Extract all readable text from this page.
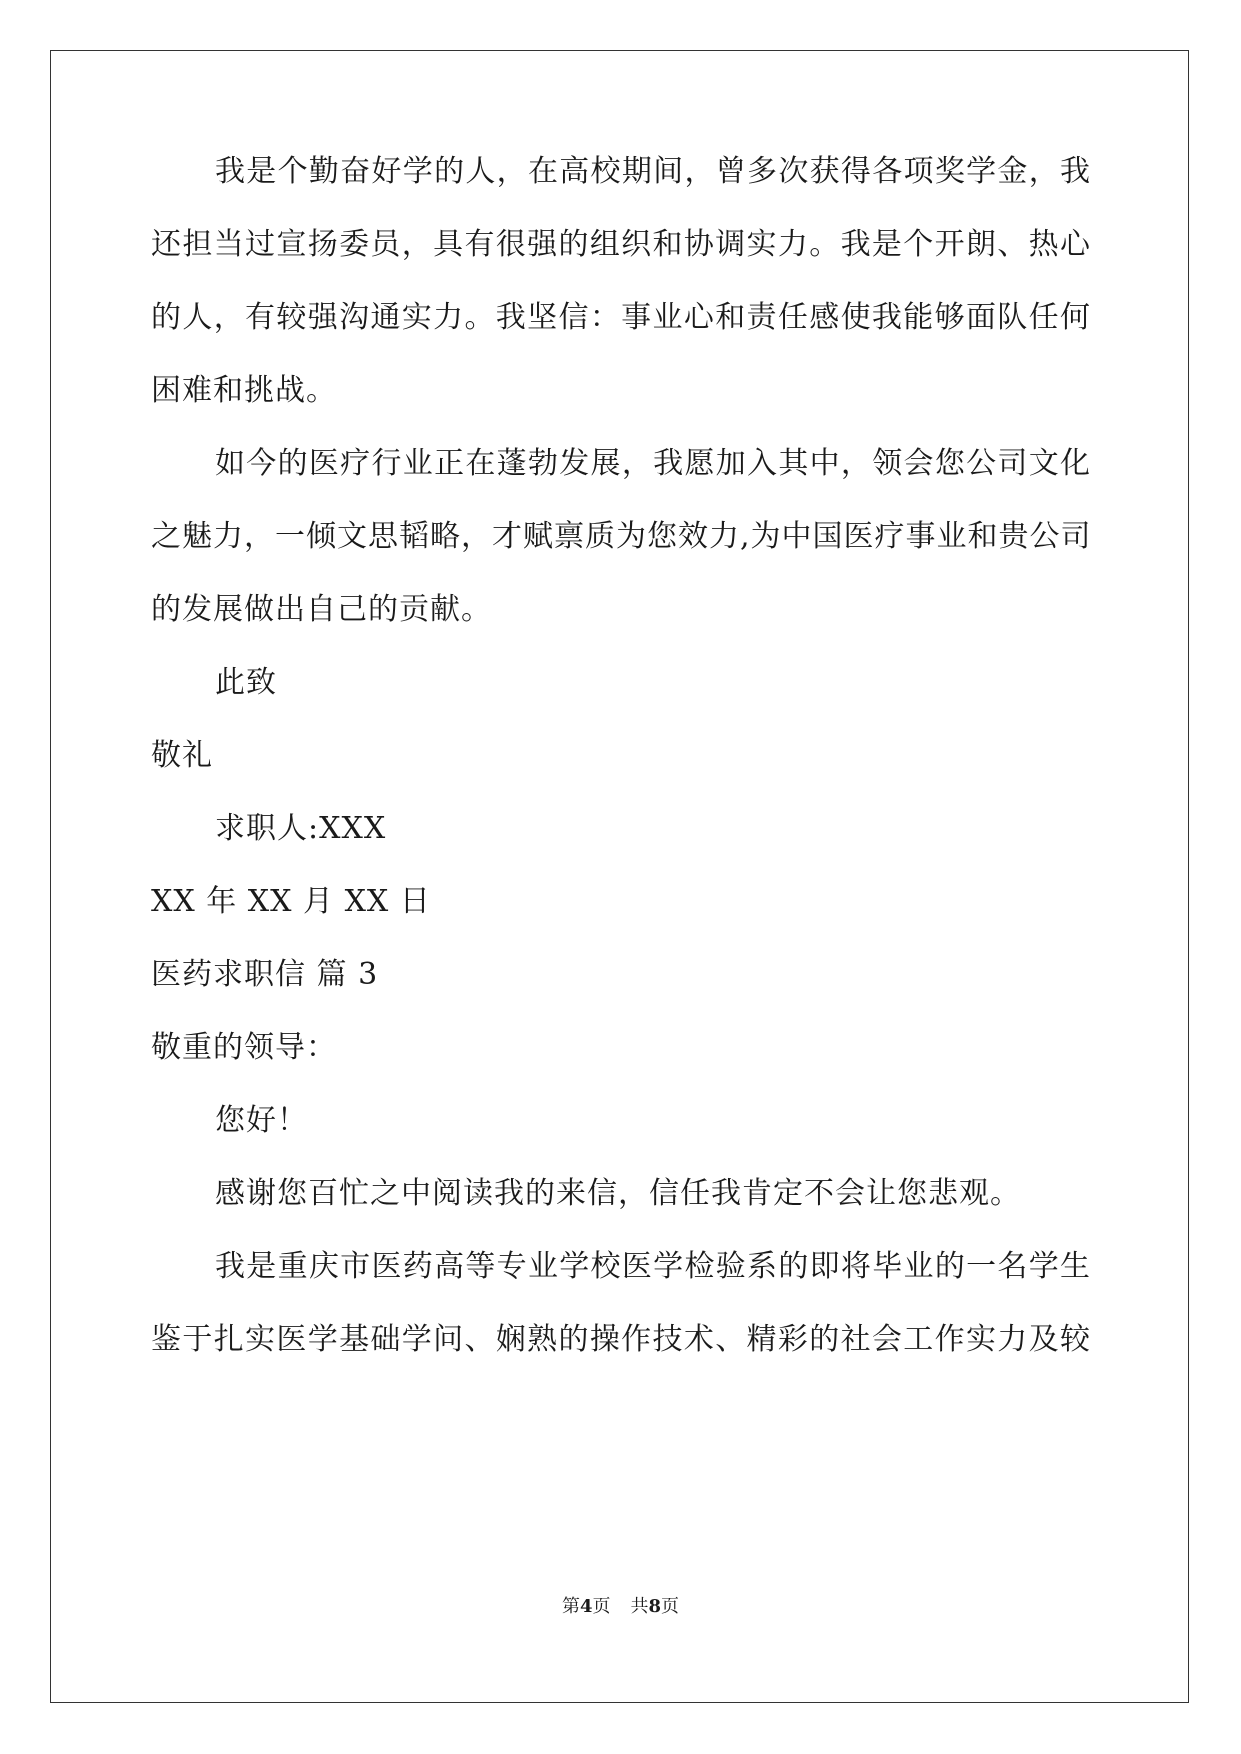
我是个勤奋好学的人，在高校期间，曾多次获得各项奖学金，我
还担当过宣扬委员，具有很强的组织和协调实力。我是个开朗、热心
的人，有较强沟通实力。我坚信：事业心和责任感使我能够面队任何
困难和挑战。
如今的医疗行业正在蓬勃发展，我愿加入其中，领会您公司文化
之魅力，一倾文思韬略，才赋禀质为您效力,为中国医疗事业和贵公司
的发展做出自己的贡献。
此致
敬礼
求职人:XXX
XX 年 XX 月 XX 日
医药求职信 篇 3
敬重的领导：
您好！
感谢您百忙之中阅读我的来信，信任我肯定不会让您悲观。
我是重庆市医药高等专业学校医学检验系的即将毕业的一名学生
鉴于扎实医学基础学问、娴熟的操作技术、精彩的社会工作实力及较
第4页 共8页
